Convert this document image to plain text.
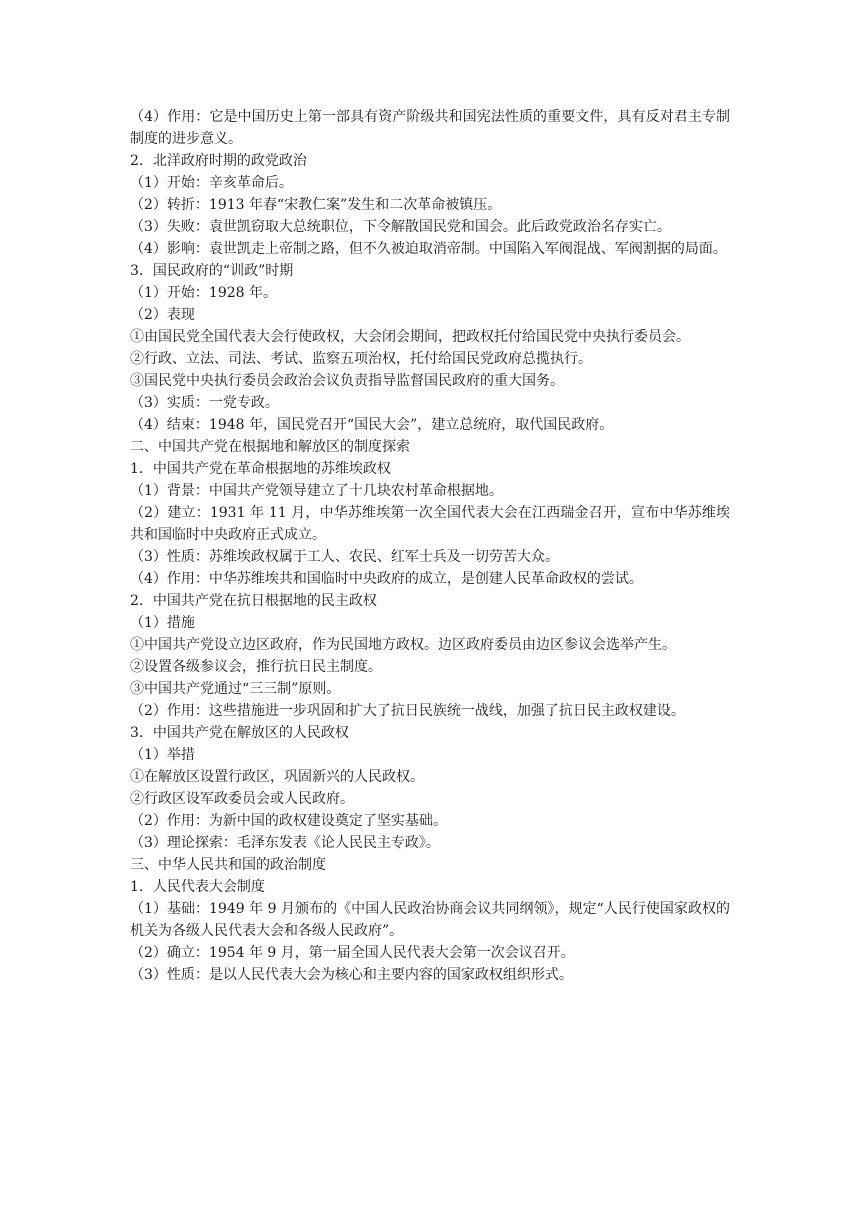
（4）作用：它是中国历史上第一部具有资产阶级共和国宪法性质的重要文件，具有反对君主专制制度的进步意义。
2．北洋政府时期的政党政治
（1）开始：辛亥革命后。
（2）转折：1913 年春“宋教仁案”发生和二次革命被镇压。
（3）失败：袁世凯窃取大总统职位，下令解散国民党和国会。此后政党政治名存实亡。
（4）影响：袁世凯走上帝制之路，但不久被迫取消帝制。中国陷入军阀混战、军阀割据的局面。
3．国民政府的“训政”时期
（1）开始：1928 年。
（2）表现
①由国民党全国代表大会行使政权，大会闭会期间，把政权托付给国民党中央执行委员会。
②行政、立法、司法、考试、监察五项治权，托付给国民党政府总揽执行。
③国民党中央执行委员会政治会议负责指导监督国民政府的重大国务。
（3）实质：一党专政。
（4）结束：1948 年，国民党召开“国民大会”，建立总统府，取代国民政府。
二、中国共产党在根据地和解放区的制度探索
1．中国共产党在革命根据地的苏维埃政权
（1）背景：中国共产党领导建立了十几块农村革命根据地。
（2）建立：1931 年 11 月，中华苏维埃第一次全国代表大会在江西瑞金召开，宣布中华苏维埃共和国临时中央政府正式成立。
（3）性质：苏维埃政权属于工人、农民、红军士兵及一切劳苦大众。
（4）作用：中华苏维埃共和国临时中央政府的成立，是创建人民革命政权的尝试。
2．中国共产党在抗日根据地的民主政权
（1）措施
①中国共产党设立边区政府，作为民国地方政权。边区政府委员由边区参议会选举产生。
②设置各级参议会，推行抗日民主制度。
③中国共产党通过“三三制”原则。
（2）作用：这些措施进一步巩固和扩大了抗日民族统一战线，加强了抗日民主政权建设。
3．中国共产党在解放区的人民政权
（1）举措
①在解放区设置行政区，巩固新兴的人民政权。
②行政区设军政委员会或人民政府。
（2）作用：为新中国的政权建设奠定了坚实基础。
（3）理论探索：毛泽东发表《论人民民主专政》。
三、中华人民共和国的政治制度
1．人民代表大会制度
（1）基础：1949 年 9 月颁布的《中国人民政治协商会议共同纲领》，规定“人民行使国家政权的机关为各级人民代表大会和各级人民政府”。
（2）确立：1954 年 9 月，第一届全国人民代表大会第一次会议召开。
（3）性质：是以人民代表大会为核心和主要内容的国家政权组织形式。
